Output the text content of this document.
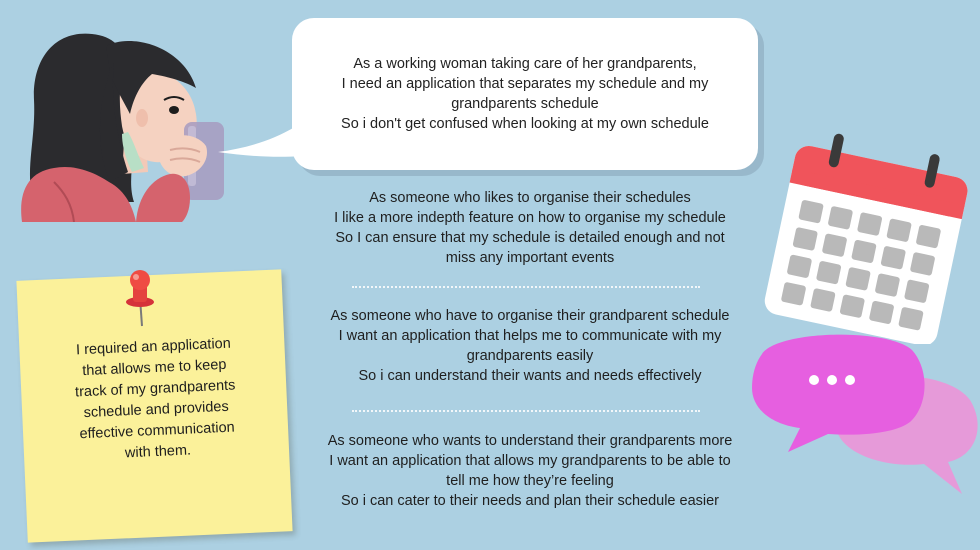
As a working woman taking care of her grandparents,
I need an application that separates my schedule and my
grandparents schedule
So i don't get confused when looking at my own schedule

As someone who likes to organise their schedules
I like a more indepth feature on how to organise my schedule
So I can ensure that my schedule is detailed enough and not
miss any important events

As someone who have to organise their grandparent schedule
I want an application that helps me to communicate with my
grandparents easily
So i can understand their wants and needs effectively

As someone who wants to understand their grandparents more
I want an application that allows my grandparents to be able to
tell me how they’re feeling
So i can cater to their needs and plan their schedule easier

I required an application
that allows me to keep
track of my grandparents
schedule and provides
effective communication
with them.
